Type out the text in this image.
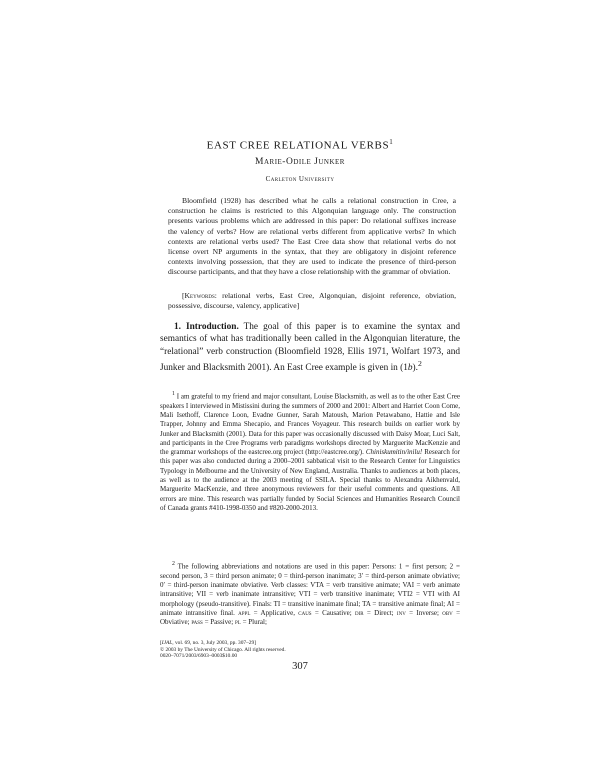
EAST CREE RELATIONAL VERBS$^1$
Marie-Odile Junker
Carleton University

Bloomfield (1928) has described what he calls a relational construction in Cree, a construction he claims is restricted to this Algonquian language only. The construction presents various problems which are addressed in this paper: Do relational suffixes increase the valency of verbs? How are relational verbs different from applicative verbs? In which contexts are relational verbs used? The East Cree data show that relational verbs do not license overt NP arguments in the syntax, that they are obligatory in disjoint reference contexts involving possession, that they are used to indicate the presence of third-person discourse participants, and that they have a close relationship with the grammar of obviation.

[Keywords: relational verbs, East Cree, Algonquian, disjoint reference, obviation, possessive, discourse, valency, applicative]

1. Introduction. The goal of this paper is to examine the syntax and semantics of what has traditionally been called in the Algonquian literature, the “relational” verb construction (Bloomfield 1928, Ellis 1971, Wolfart 1973, and Junker and Blacksmith 2001). An East Cree example is given in (1b).$^2$

$^1$ I am grateful to my friend and major consultant, Louise Blacksmith, as well as to the other East Cree speakers I interviewed in Mistissini during the summers of 2000 and 2001: Albert and Harriet Coon Come, Mali Isethoff, Clarence Loon, Evadne Gunner, Sarah Matoush, Marion Petawabano, Hattie and Isle Trapper, Johnny and Emma Shecapio, and Frances Voyageur. This research builds on earlier work by Junker and Blacksmith (2001). Data for this paper was occasionally discussed with Daisy Moar, Luci Salt, and participants in the Cree Programs verb paradigms workshops directed by Marguerite MacKenzie and the grammar workshops of the eastcree.org project (http://eastcree.org/). Chiniskumitin/inilu! Research for this paper was also conducted during a 2000–2001 sabbatical visit to the Research Center for Linguistics Typology in Melbourne and the University of New England, Australia. Thanks to audiences at both places, as well as to the audience at the 2003 meeting of SSILA. Special thanks to Alexandra Aikhenvald, Marguerite MacKenzie, and three anonymous reviewers for their useful comments and questions. All errors are mine. This research was partially funded by Social Sciences and Humanities Research Council of Canada grants #410-1998-0350 and #820-2000-2013.

$^2$ The following abbreviations and notations are used in this paper: Persons: 1 = first person; 2 = second person, 3 = third person animate; 0 = third-person inanimate; 3′ = third-person animate obviative; 0′ = third-person inanimate obviative. Verb classes: VTA = verb transitive animate; VAI = verb animate intransitive; VII = verb inanimate intransitive; VTI = verb transitive inanimate; VTI2 = VTI with AI morphology (pseudo-transitive). Finals: TI = transitive inanimate final; TA = transitive animate final; AI = animate intransitive final. appl = Applicative, caus = Causative; dir = Direct; inv = Inverse; obv = Obviative; pass = Passive; pl = Plural;

[IJAL, vol. 69, no. 3, July 2003, pp. 307–29]
© 2003 by The University of Chicago. All rights reserved.
0020–7071/2003/6903–0003$10.00
307
